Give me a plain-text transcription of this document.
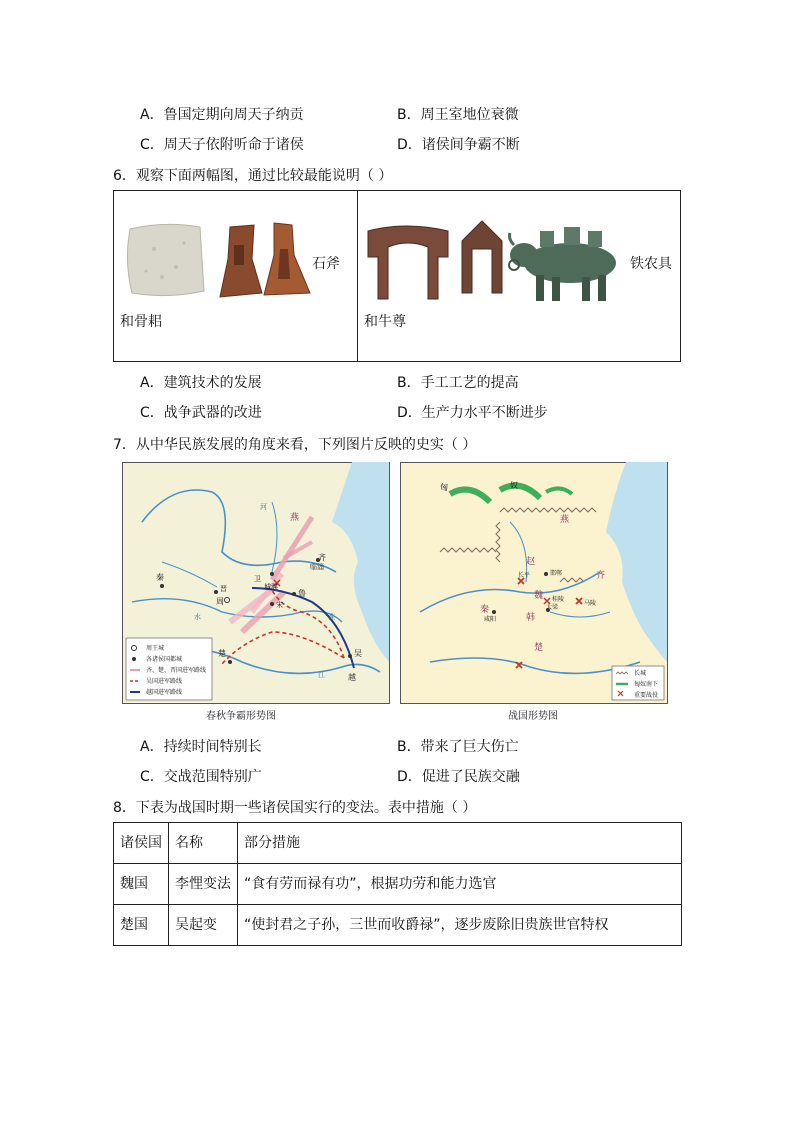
A．鲁国定期向周天子纳贡	B．周王室地位衰微
C．周天子依附听命于诸侯	D．诸侯间争霸不断
6．观察下面两幅图，通过比较最能说明（ ）
石斧
和骨耜
铁农具
和牛尊
A．建筑技术的发展	B．手工工艺的提高
C．战争武器的改进	D．生产力水平不断进步
7．从中华民族发展的角度来看，下列图片反映的史实（ ）
燕
齐
临淄
鲁
卫
城濮
晋
秦
周	宋
楚	吴
越
河
水
江
淮
周王城
各诸侯国都城
齐、楚、晋国进军路线
吴国进军路线
越国进军路线
春秋争霸形势图
匈	奴
燕
赵
齐
秦
魏
韩
楚
长平	邯郸
桂陵
大梁
马陵
咸阳
长城
匈奴南下
重要战役
战国形势图
A．持续时间特别长	B．带来了巨大伤亡
C．交战范围特别广	D．促进了民族交融
8．下表为战国时期一些诸侯国实行的变法。表中措施（ ）
诸侯国	名称	部分措施
魏国	李悝变法	“食有劳而禄有功”，根据功劳和能力选官
楚国	吴起变	“使封君之子孙，三世而收爵禄”，逐步废除旧贵族世官特权
